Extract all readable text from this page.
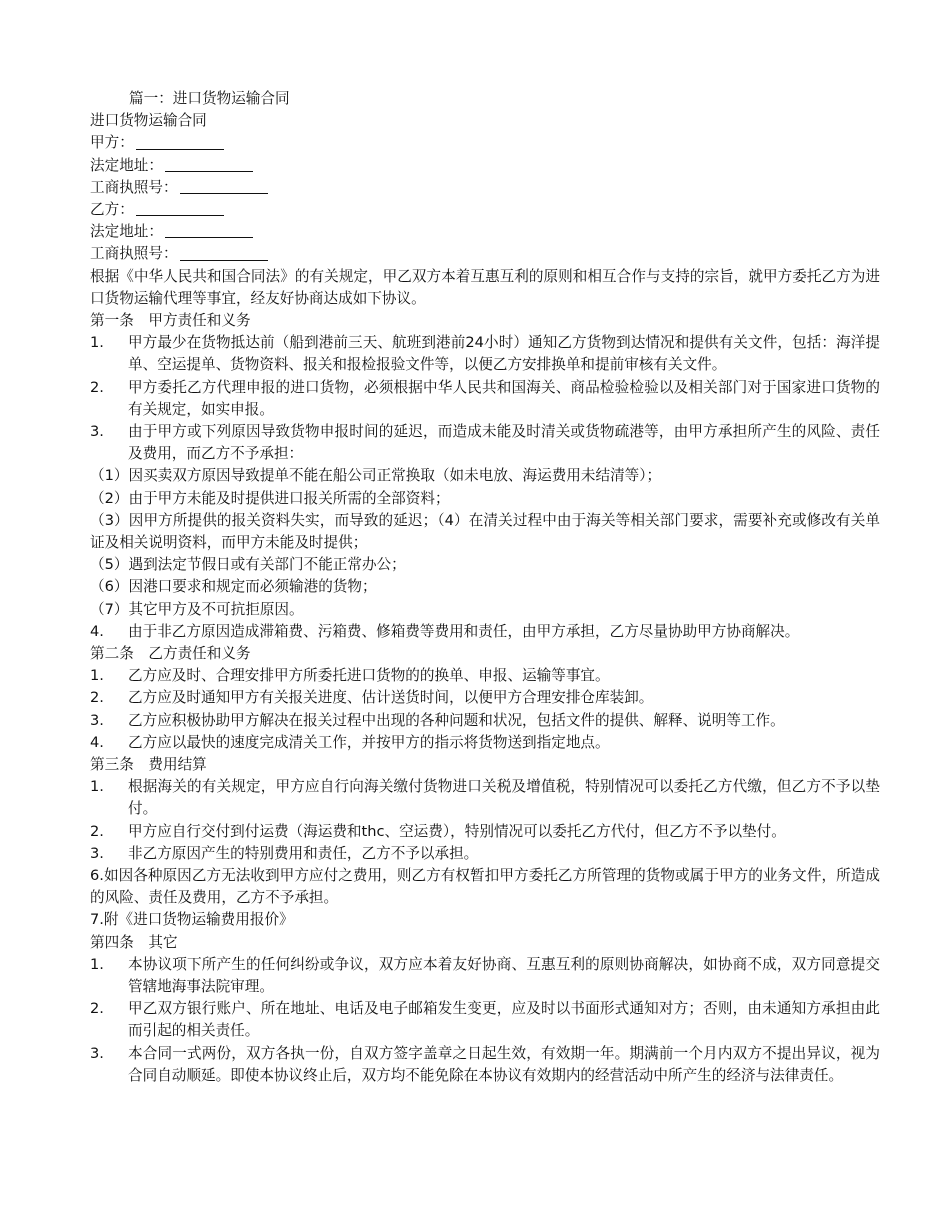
篇一：进口货物运输合同
进口货物运输合同
甲方：
法定地址：
工商执照号：
乙方：
法定地址：
工商执照号：
根据《中华人民共和国合同法》的有关规定，甲乙双方本着互惠互利的原则和相互合作与支持的宗旨，就甲方委托乙方为进口货物运输代理等事宜，经友好协商达成如下协议。
第一条　甲方责任和义务
1.	甲方最少在货物抵达前（船到港前三天、航班到港前24小时）通知乙方货物到达情况和提供有关文件，包括：海洋提单、空运提单、货物资料、报关和报检报验文件等，以便乙方安排换单和提前审核有关文件。
2.	甲方委托乙方代理申报的进口货物，必须根据中华人民共和国海关、商品检验检验以及相关部门对于国家进口货物的有关规定，如实申报。
3.	由于甲方或下列原因导致货物申报时间的延迟，而造成未能及时清关或货物疏港等，由甲方承担所产生的风险、责任及费用，而乙方不予承担：
（1）因买卖双方原因导致提单不能在船公司正常换取（如未电放、海运费用未结清等）；
（2）由于甲方未能及时提供进口报关所需的全部资料；
（3）因甲方所提供的报关资料失实，而导致的延迟；（4）在清关过程中由于海关等相关部门要求，需要补充或修改有关单证及相关说明资料，而甲方未能及时提供；
（5）遇到法定节假日或有关部门不能正常办公；
（6）因港口要求和规定而必须输港的货物；
（7）其它甲方及不可抗拒原因。
4.	由于非乙方原因造成滞箱费、污箱费、修箱费等费用和责任，由甲方承担，乙方尽量协助甲方协商解决。
第二条　乙方责任和义务
1.	乙方应及时、合理安排甲方所委托进口货物的的换单、申报、运输等事宜。
2.	乙方应及时通知甲方有关报关进度、估计送货时间，以便甲方合理安排仓库装卸。
3.	乙方应积极协助甲方解决在报关过程中出现的各种问题和状况，包括文件的提供、解释、说明等工作。
4.	乙方应以最快的速度完成清关工作，并按甲方的指示将货物送到指定地点。
第三条　费用结算
1.	根据海关的有关规定，甲方应自行向海关缴付货物进口关税及增值税，特别情况可以委托乙方代缴，但乙方不予以垫付。
2.	甲方应自行交付到付运费（海运费和thc、空运费），特别情况可以委托乙方代付，但乙方不予以垫付。
3.	非乙方原因产生的特别费用和责任，乙方不予以承担。
6.如因各种原因乙方无法收到甲方应付之费用，则乙方有权暂扣甲方委托乙方所管理的货物或属于甲方的业务文件，所造成的风险、责任及费用，乙方不予承担。
7.附《进口货物运输费用报价》
第四条　其它
1.	本协议项下所产生的任何纠纷或争议，双方应本着友好协商、互惠互利的原则协商解决，如协商不成，双方同意提交管辖地海事法院审理。
2.	甲乙双方银行账户、所在地址、电话及电子邮箱发生变更，应及时以书面形式通知对方；否则，由未通知方承担由此而引起的相关责任。
3.	本合同一式两份，双方各执一份，自双方签字盖章之日起生效，有效期一年。期满前一个月内双方不提出异议，视为合同自动顺延。即使本协议终止后，双方均不能免除在本协议有效期内的经营活动中所产生的经济与法律责任。
